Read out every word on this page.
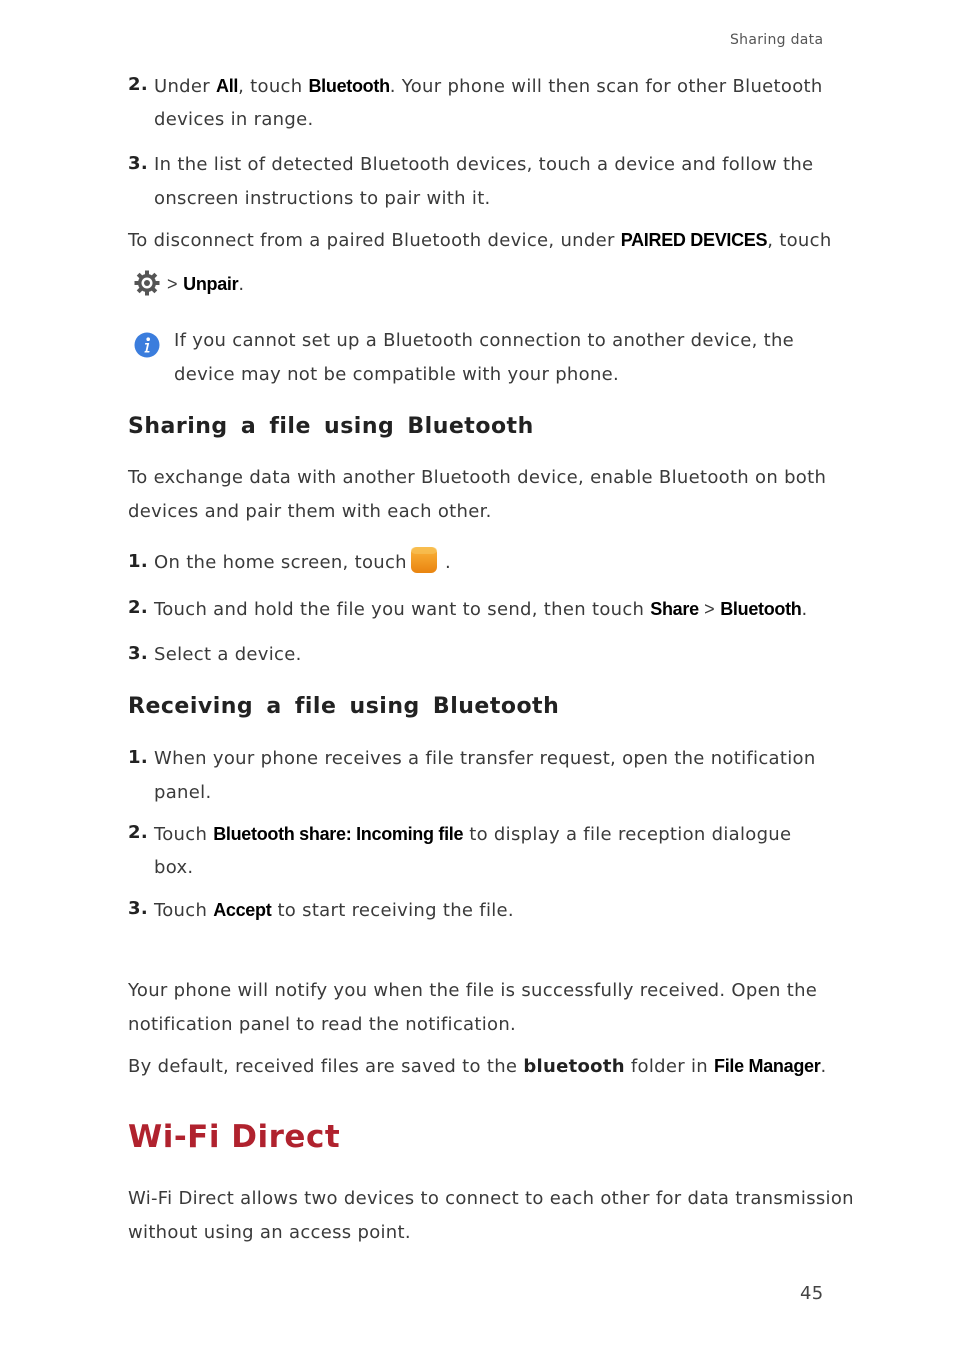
Sharing data
2. Under All, touch Bluetooth. Your phone will then scan for other Bluetooth
devices in range.
3. In the list of detected Bluetooth devices, touch a device and follow the
onscreen instructions to pair with it.
To disconnect from a paired Bluetooth device, under PAIRED DEVICES, touch
> Unpair.
If you cannot set up a Bluetooth connection to another device, the
device may not be compatible with your phone.
Sharing a file using Bluetooth
To exchange data with another Bluetooth device, enable Bluetooth on both
devices and pair them with each other.
1. On the home screen, touch .
2. Touch and hold the file you want to send, then touch Share > Bluetooth.
3. Select a device.
Receiving a file using Bluetooth
1. When your phone receives a file transfer request, open the notification
panel.
2. Touch Bluetooth share: Incoming file to display a file reception dialogue
box.
3. Touch Accept to start receiving the file.
Your phone will notify you when the file is successfully received. Open the
notification panel to read the notification.
By default, received files are saved to the bluetooth folder in File Manager.
Wi-Fi Direct
Wi-Fi Direct allows two devices to connect to each other for data transmission
without using an access point.
45
